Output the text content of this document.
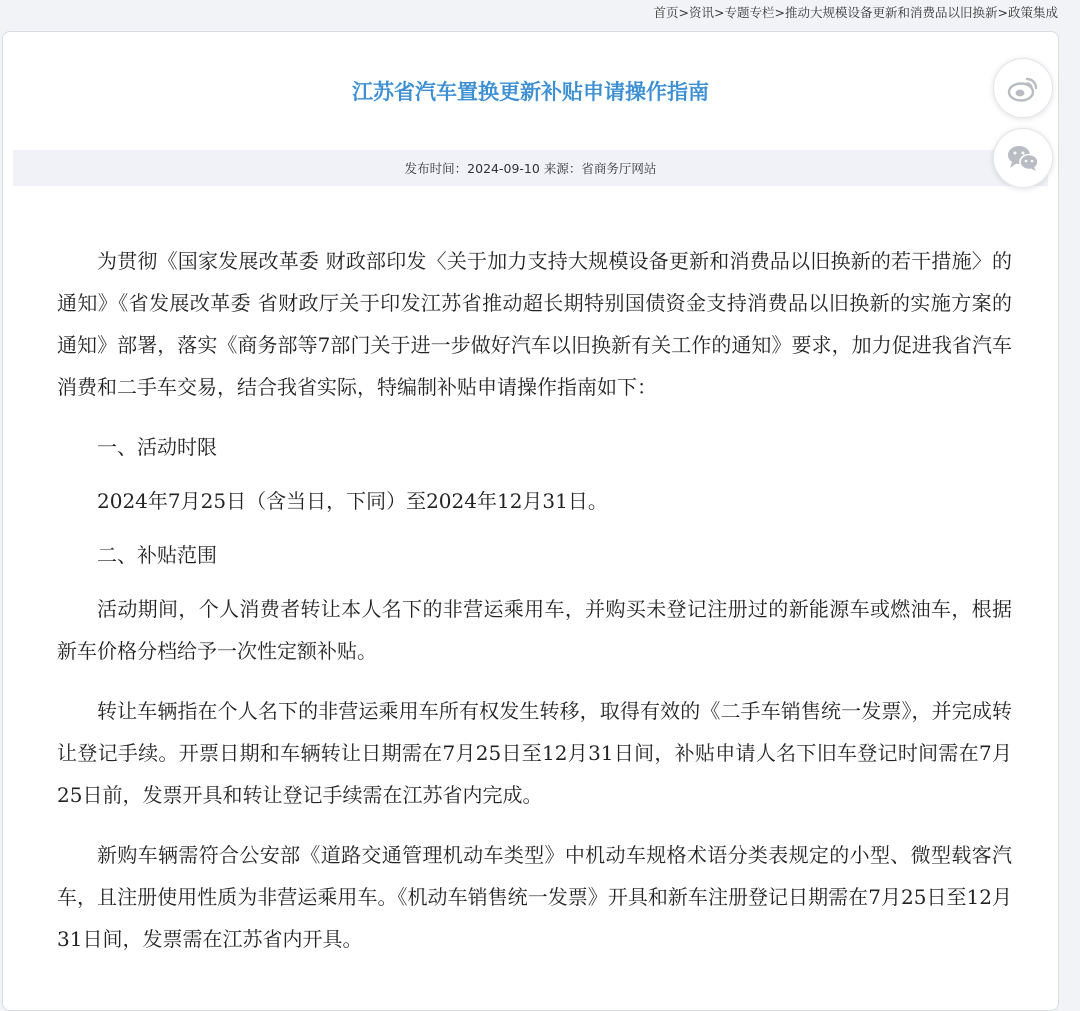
首页>资讯>专题专栏>推动大规模设备更新和消费品以旧换新>政策集成
江苏省汽车置换更新补贴申请操作指南
发布时间： 2024-09-10
来源： 省商务厅网站

为贯彻《国家发展改革委 财政部印发〈关于加力支持大规模设备更新和消费品以旧换新的若干措施〉的通知》《省发展改革委 省财政厅关于印发江苏省推动超长期特别国债资金支持消费品以旧换新的实施方案的通知》部署，落实《商务部等7部门关于进一步做好汽车以旧换新有关工作的通知》要求，加力促进我省汽车消费和二手车交易，结合我省实际，特编制补贴申请操作指南如下：

一、活动时限

2024年7月25日（含当日，下同）至2024年12月31日。

二、补贴范围

活动期间，个人消费者转让本人名下的非营运乘用车，并购买未登记注册过的新能源车或燃油车，根据新车价格分档给予一次性定额补贴。

转让车辆指在个人名下的非营运乘用车所有权发生转移，取得有效的《二手车销售统一发票》，并完成转让登记手续。开票日期和车辆转让日期需在7月25日至12月31日间，补贴申请人名下旧车登记时间需在7月25日前，发票开具和转让登记手续需在江苏省内完成。

新购车辆需符合公安部《道路交通管理机动车类型》中机动车规格术语分类表规定的小型、微型载客汽车，且注册使用性质为非营运乘用车。《机动车销售统一发票》开具和新车注册登记日期需在7月25日至12月31日间，发票需在江苏省内开具。
